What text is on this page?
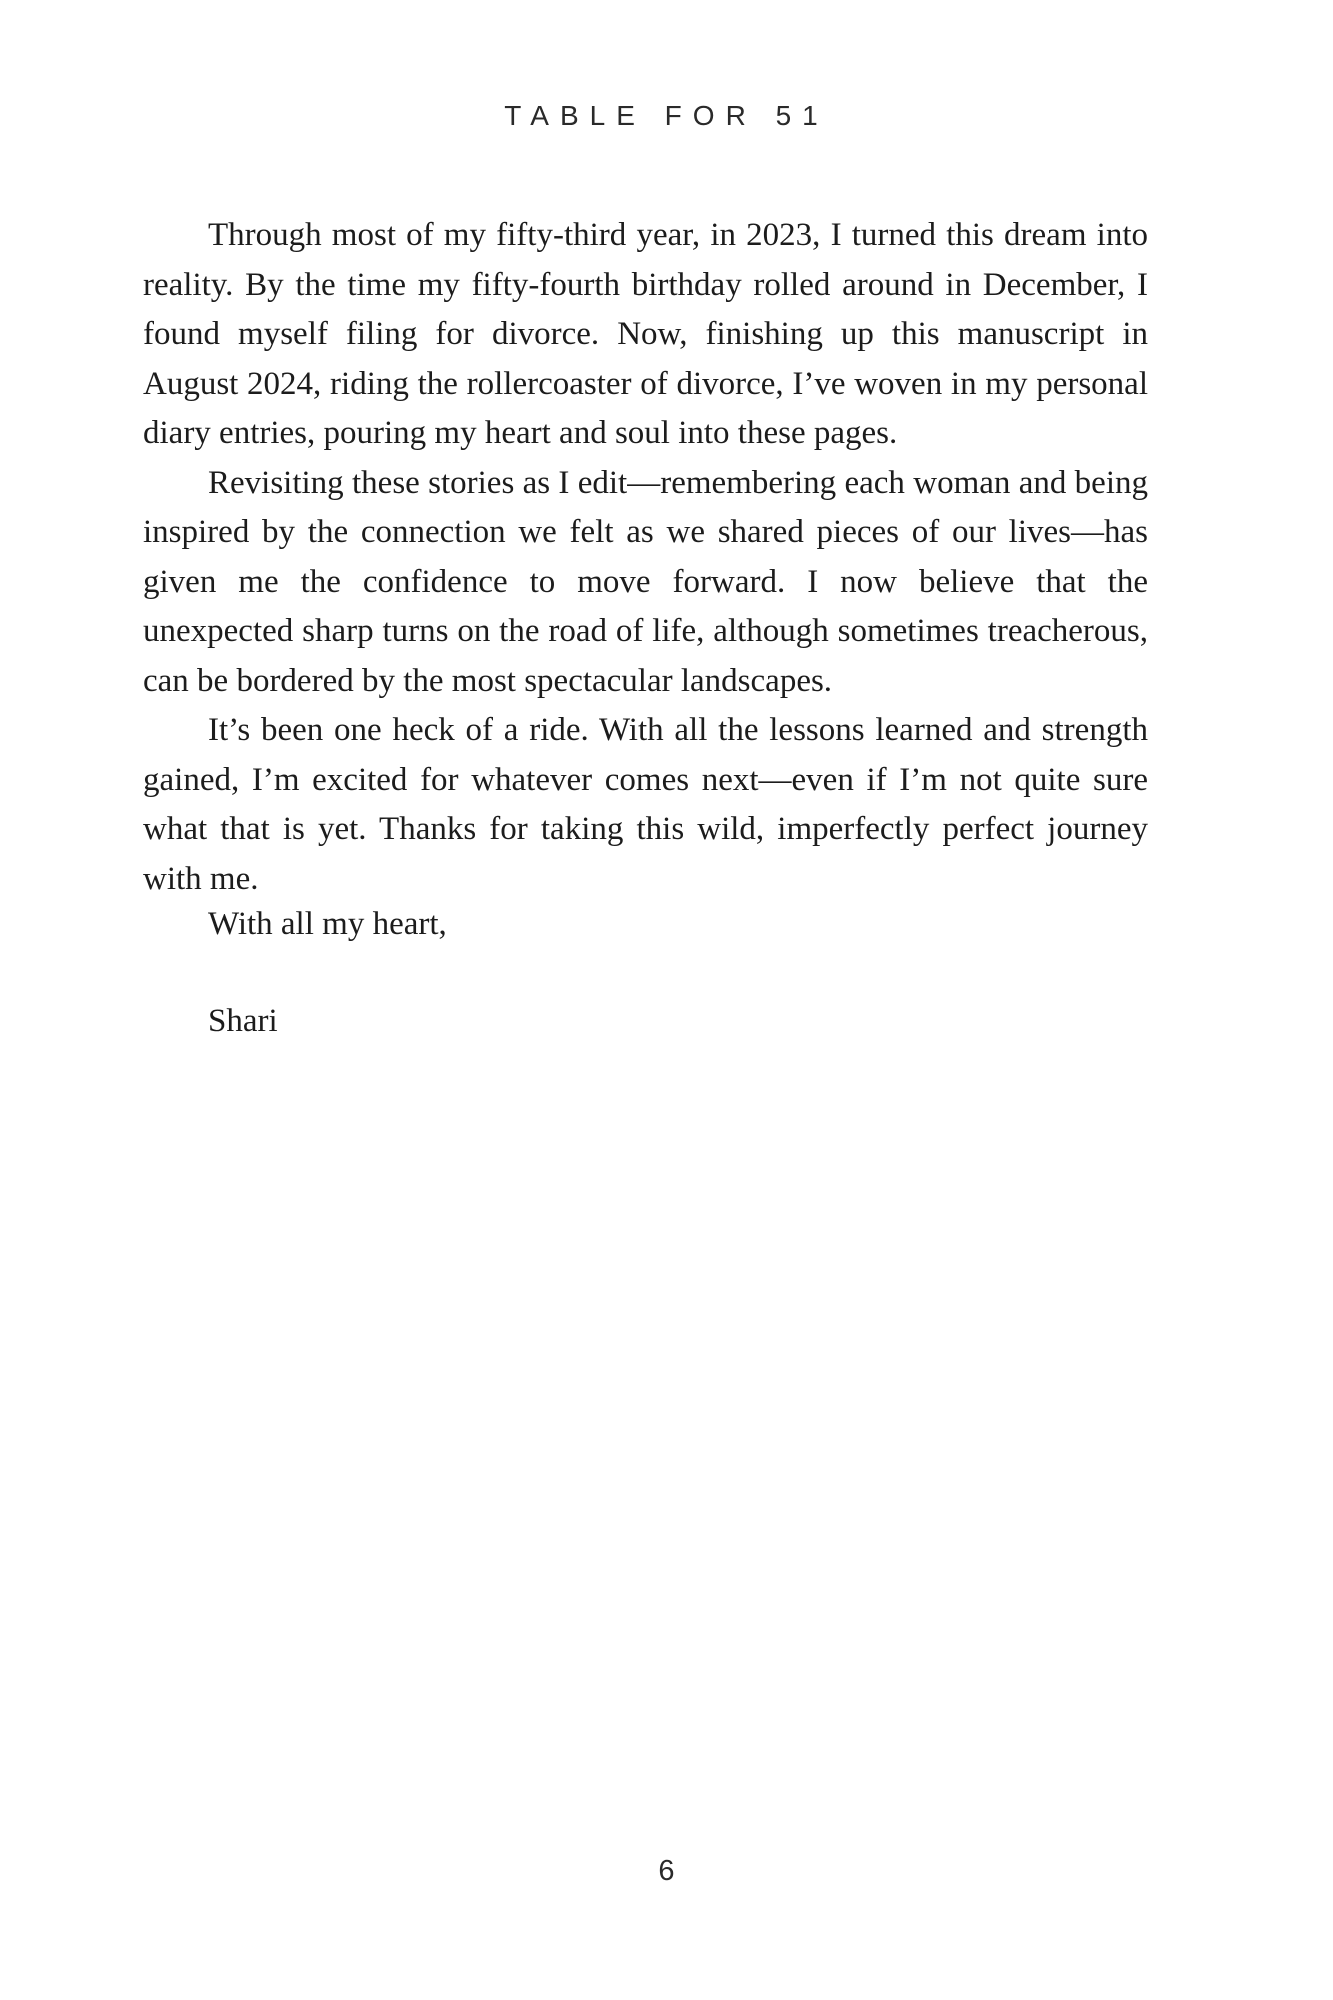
TABLE FOR 51

Through most of my fifty-third year, in 2023, I turned this dream into reality. By the time my fifty-fourth birthday rolled around in December, I found myself filing for divorce. Now, finishing up this manuscript in August 2024, riding the rollercoaster of divorce, I’ve woven in my personal diary entries, pouring my heart and soul into these pages.

Revisiting these stories as I edit—remembering each woman and being inspired by the connection we felt as we shared pieces of our lives—has given me the confidence to move forward. I now believe that the unexpected sharp turns on the road of life, although sometimes treacherous, can be bordered by the most spectacular landscapes.

It’s been one heck of a ride. With all the lessons learned and strength gained, I’m excited for whatever comes next—even if I’m not quite sure what that is yet. Thanks for taking this wild, imperfectly perfect journey with me.

With all my heart,
Shari
6
